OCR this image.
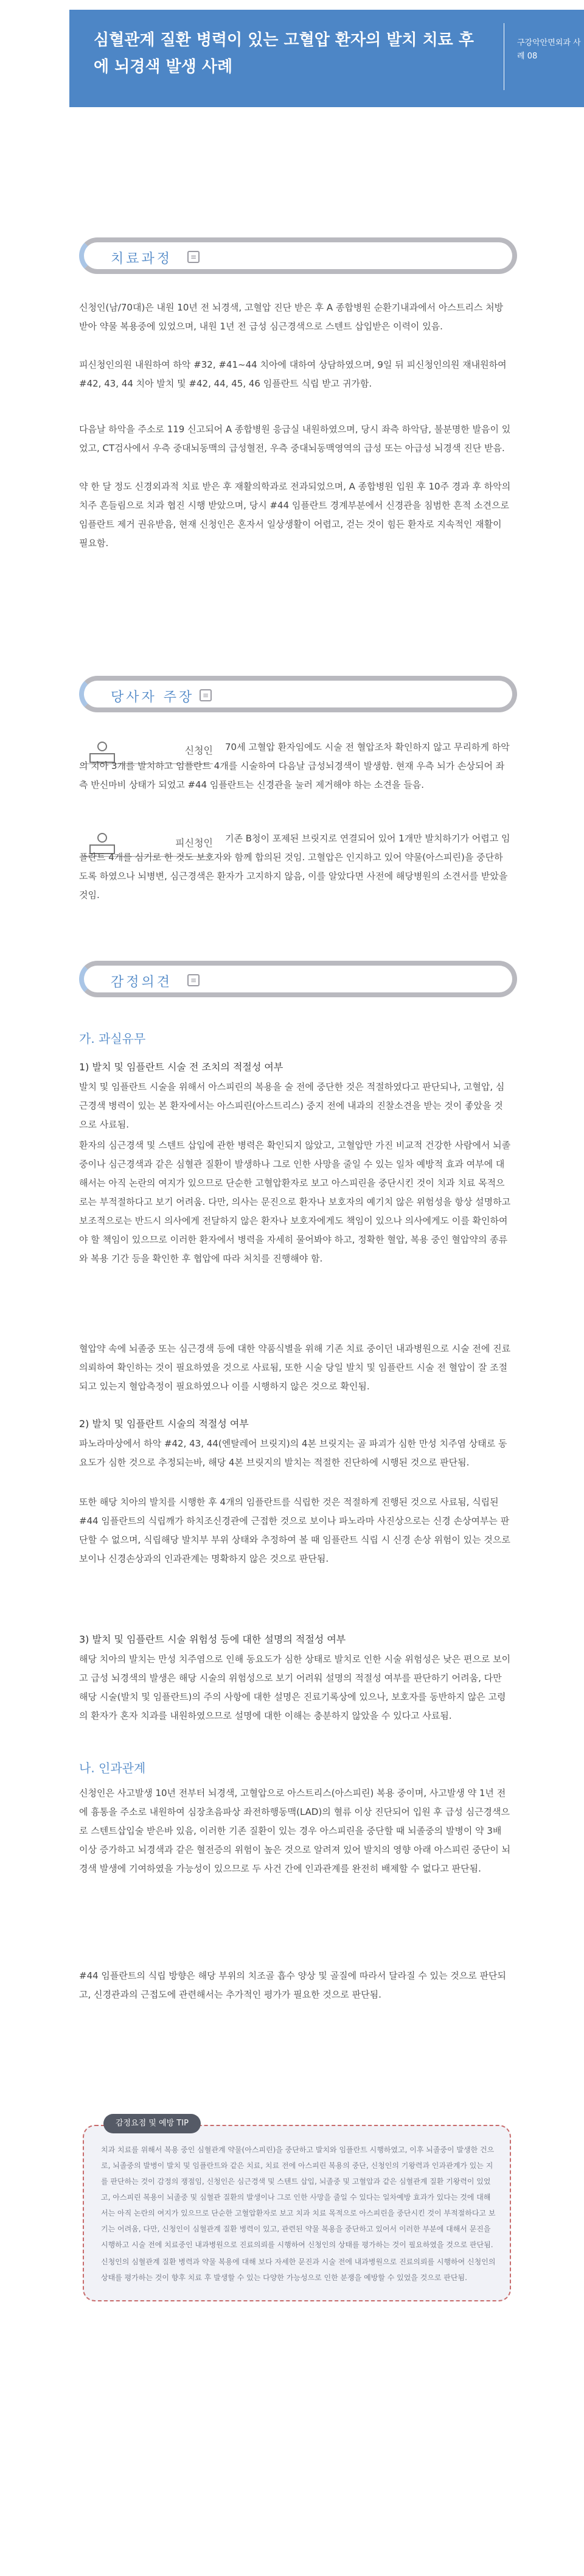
심혈관계 질환 병력이 있는 고혈압 환자의 발치 치료 후에 뇌경색 발생 사례
구강악안면외과 사례 08
치료과정	≡

신청인(남/70대)은 내원 10년 전 뇌경색, 고혈압 진단 받은 후 A 종합병원 순환기내과에서 아스트리스 처방받아 약물 복용중에 있었으며, 내원 1년 전 급성 심근경색으로 스텐트 삽입받은 이력이 있음.

피신청인의원 내원하여 하악 #32, #41~44 치아에 대하여 상담하였으며, 9일 뒤 피신청인의원 재내원하여 #42, 43, 44 치아 발치 및 #42, 44, 45, 46 임플란트 식립 받고 귀가함.

다음날 하악을 주소로 119 신고되어 A 종합병원 응급실 내원하였으며, 당시 좌측 하악담, 불분명한 발음이 있었고, CT검사에서 우측 중대뇌동맥의 급성혈전, 우측 중대뇌동맥영역의 급성 또는 아급성 뇌경색 진단 받음.

약 한 달 정도 신경외과적 치료 받은 후 재활의학과로 전과되었으며, A 종합병원 입원 후 10주 경과 후 하악의 치주 흔들림으로 치과 협진 시행 받았으며, 당시 #44 임플란트 경계부분에서 신경관을 침범한 흔적 소견으로 임플란트 제거 권유받음, 현재 신청인은 혼자서 일상생활이 어렵고, 걷는 것이 힘든 환자로 지속적인 재활이 필요함.

당사자 주장	≡
신청인	70세 고혈압 환자임에도 시술 전 혈압조차 확인하지 않고 무리하게 하악의 치아 3개를 발치하고 임플란트 4개를 시술하여 다음날 급성뇌경색이 발생함. 현재 우측 뇌가 손상되어 좌측 반신마비 상태가 되었고 #44 임플란트는 신경관을 눌러 제거해야 하는 소견을 들음.

피신청인	기존 B청이 포제된 브릿지로 연결되어 있어 1개만 발치하기가 어렵고 임플란트 4개를 심기로 한 것도 보호자와 함께 합의된 것임. 고혈압은 인지하고 있어 약물(아스피린)을 중단하도록 하였으나 뇌병변, 심근경색은 환자가 고지하지 않음, 이를 알았다면 사전에 해당병원의 소견서를 받았을 것임.

감정의견	≡
가. 과실유무
1) 발치 및 임플란트 시술 전 조치의 적절성 여부

발치 및 임플란트 시술을 위해서 아스피린의 복용을 술 전에 중단한 것은 적절하였다고 판단되나, 고혈압, 심근경색 병력이 있는 본 환자에서는 아스피린(아스트리스) 중지 전에 내과의 진찰소견을 받는 것이 좋았을 것으로 사료됨.

환자의 심근경색 및 스텐트 삽입에 관한 병력은 확인되지 않았고, 고혈압만 가진 비교적 건강한 사람에서 뇌졸중이나 심근경색과 같은 심혈관 질환이 발생하나 그로 인한 사망을 줄일 수 있는 일차 예방적 효과 여부에 대해서는 아직 논란의 여지가 있으므로 단순한 고혈압환자로 보고 아스피린을 중단시킨 것이 치과 치료 목적으로는 부적절하다고 보기 어려움. 다만, 의사는 문진으로 환자나 보호자의 예기치 않은 위험성을 항상 설명하고 보조적으로는 반드시 의사에게 전달하지 않은 환자나 보호자에게도 책임이 있으나 의사에게도 이를 확인하여야 할 책임이 있으므로 이러한 환자에서 병력을 자세히 물어봐야 하고, 정확한 혈압, 복용 중인 혈압약의 종류와 복용 기간 등을 확인한 후 협압에 따라 처치를 진행해야 함.

혈압약 속에 뇌졸중 또는 심근경색 등에 대한 약품식별을 위해 기존 치료 중이던 내과병원으로 시술 전에 진료의뢰하여 확인하는 것이 필요하였을 것으로 사료됨, 또한 시술 당일 발치 및 임플란트 시술 전 혈압이 잘 조절되고 있는지 혈압측정이 필요하였으나 이를 시행하지 않은 것으로 확인됨.

2) 발치 및 임플란트 시술의 적절성 여부

파노라마상에서 하악 #42, 43, 44(엔탈레어 브릿지)의 4본 브릿지는 골 파괴가 심한 만성 치주염 상태로 동요도가 심한 것으로 추정되는바, 해당 4본 브릿지의 발치는 적절한 진단하에 시행된 것으로 판단됨.

또한 해당 치아의 발치를 시행한 후 4개의 임플란트를 식립한 것은 적절하게 진행된 것으로 사료됨, 식립된 #44 임플란트의 식립깨가 하치조신경관에 근접한 것으로 보이나 파노라마 사진상으로는 신경 손상여부는 판단할 수 없으며, 식립해당 발치부 부위 상태와 추정하여 볼 때 임플란트 식립 시 신경 손상 위험이 있는 것으로 보이나 신경손상과의 인과관계는 명확하지 않은 것으로 판단됨.

3) 발치 및 임플란트 시술 위험성 등에 대한 설명의 적절성 여부

해당 치아의 발치는 만성 치주염으로 인해 동요도가 심한 상태로 발치로 인한 시술 위험성은 낮은 편으로 보이고 급성 뇌경색의 발생은 해당 시술의 위험성으로 보기 어려워 설명의 적절성 여부를 판단하기 어려움, 다만 해당 시술(발치 및 임플란트)의 주의 사항에 대한 설명은 진료기록상에 있으나, 보호자를 동반하지 않은 고령의 환자가 혼자 치과를 내원하였으므로 설명에 대한 이해는 충분하지 않았을 수 있다고 사료됨.

나. 인과관계

신청인은 사고발생 10년 전부터 뇌경색, 고혈압으로 아스트리스(아스피린) 복용 중이며, 사고발생 약 1년 전에 흉통을 주소로 내원하여 심장초음파상 좌전하행동맥(LAD)의 혈류 이상 진단되어 입원 후 급성 심근경색으로 스텐트삽입술 받은바 있음, 이러한 기존 질환이 있는 경우 아스피린을 중단할 때 뇌졸중의 발병이 약 3배 이상 증가하고 뇌경색과 같은 혈전증의 위험이 높은 것으로 알려져 있어 발치의 영향 아래 아스피린 중단이 뇌경색 발생에 기여하였을 가능성이 있으므로 두 사건 간에 인과관계를 완전히 배제할 수 없다고 판단됨.

#44 임플란트의 식립 방향은 해당 부위의 치조골 흡수 양상 및 골질에 따라서 달라질 수 있는 것으로 판단되고, 신경관과의 근접도에 관련해서는 추가적인 평가가 필요한 것으로 판단됨.

감정요점 및 예방 TIP
치과 치료를 위해서 복용 중인 심혈관계 약물(아스피린)을 중단하고 발치와 임플란트 시행하였고, 이후 뇌졸중이 발생한 건으로, 뇌졸중의 발병이 발치 및 임플란트와 같은 치료, 치료 전에 아스피린 복용의 중단, 신청인의 기왕력과 인과관계가 있는 지를 판단하는 것이 감정의 쟁점임, 신청인은 심근경색 및 스텐트 삽입, 뇌졸중 및 고혈압과 같은 심혈관계 질환 기왕력이 있었고, 아스피린 복용이 뇌졸중 및 심혈관 질환의 발생이나 그로 인한 사망을 줄일 수 있다는 일차예방 효과가 있다는 것에 대해서는 아직 논란의 여지가 있으므로 단순한 고혈압환자로 보고 치과 치료 목적으로 아스피린을 중단시킨 것이 부적절하다고 보기는 어려움, 다만, 신청인이 심혈관계 질환 병력이 있고, 관련된 약물 복용을 중단하고 있어서 이러한 부분에 대해서 문진을 시행하고 시술 전에 치료중인 내과병원으로 진료의뢰를 시행하여 신청인의 상태를 평가하는 것이 필요하였을 것으로 판단됨.
신청인의 심혈관계 질환 병력과 약물 복용에 대해 보다 자세한 문진과 시술 전에 내과병원으로 진료의뢰를 시행하여 신청인의 상태를 평가하는 것이 향후 치료 후 발생할 수 있는 다양한 가능성으로 인한 분쟁을 예방할 수 있었을 것으로 판단됨.
